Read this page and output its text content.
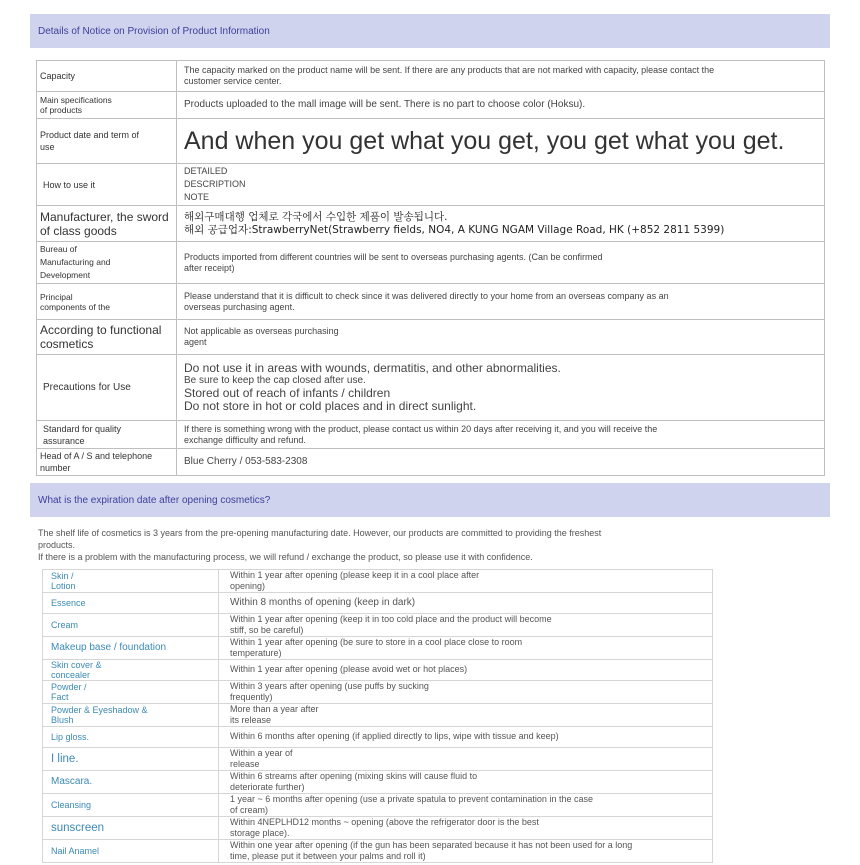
Details of Notice on Provision of Product Information
Capacity	The capacity marked on the product name will be sent. If there are any products that are not marked with capacity, please contact the customer service center.

Main specifications of products	Products uploaded to the mall image will be sent. There is no part to choose color (Hoksu).

Product date and term of use	And when you get what you get, you get what you get.

How to use it	DETAILED DESCRIPTION NOTE

Manufacturer, the sword of class goods	해외구매대행 업체로 각국에서 수입한 제품이 발송됩니다.
해외 공급업자:StrawberryNet(Strawberry fields, NO4, A KUNG NGAM Village Road, HK (+852 2811 5399)

Bureau of Manufacturing and Development	Products imported from different countries will be sent to overseas purchasing agents. (Can be confirmed after receipt)

Principal components of the	Please understand that it is difficult to check since it was delivered directly to your home from an overseas company as an overseas purchasing agent.

According to functional cosmetics	Not applicable as overseas purchasing agent

Precautions for Use	Do not use it in areas with wounds, dermatitis, and other abnormalities.
Be sure to keep the cap closed after use.
Stored out of reach of infants / children
Do not store in hot or cold places and in direct sunlight.

Standard for quality assurance	If there is something wrong with the product, please contact us within 20 days after receiving it, and you will receive the exchange difficulty and refund.

Head of A / S and telephone number	Blue Cherry / 053-583-2308
What is the expiration date after opening cosmetics?

The shelf life of cosmetics is 3 years from the pre-opening manufacturing date. However, our products are committed to providing the freshest products.

If there is a problem with the manufacturing process, we will refund / exchange the product, so please use it with confidence.

Skin / Lotion	Within 1 year after opening (please keep it in a cool place after opening)

Essence	Within 8 months of opening (keep in dark)
Cream	Within 1 year after opening (keep it in too cold place and the product will become stiff, so be careful)

Makeup base / foundation	Within 1 year after opening (be sure to store in a cool place close to room temperature)

Skin cover & concealer	Within 1 year after opening (please avoid wet or hot places)

Powder / Fact	Within 3 years after opening (use puffs by sucking frequently)

Powder & Eyeshadow & Blush	More than a year after its release

Lip gloss.	Within 6 months after opening (if applied directly to lips, wipe with tissue and keep)

I line.	Within a year of release

Mascara.	Within 6 streams after opening (mixing skins will cause fluid to deteriorate further)

Cleansing	1 year ~ 6 months after opening (use a private spatula to prevent contamination in the case of cream)

sunscreen	Within 4NEPLHD12 months ~ opening (above the refrigerator door is the best storage place).

Nail Anamel	Within one year after opening (if the gun has been separated because it has not been used for a long time, please put it between your palms and roll it)
